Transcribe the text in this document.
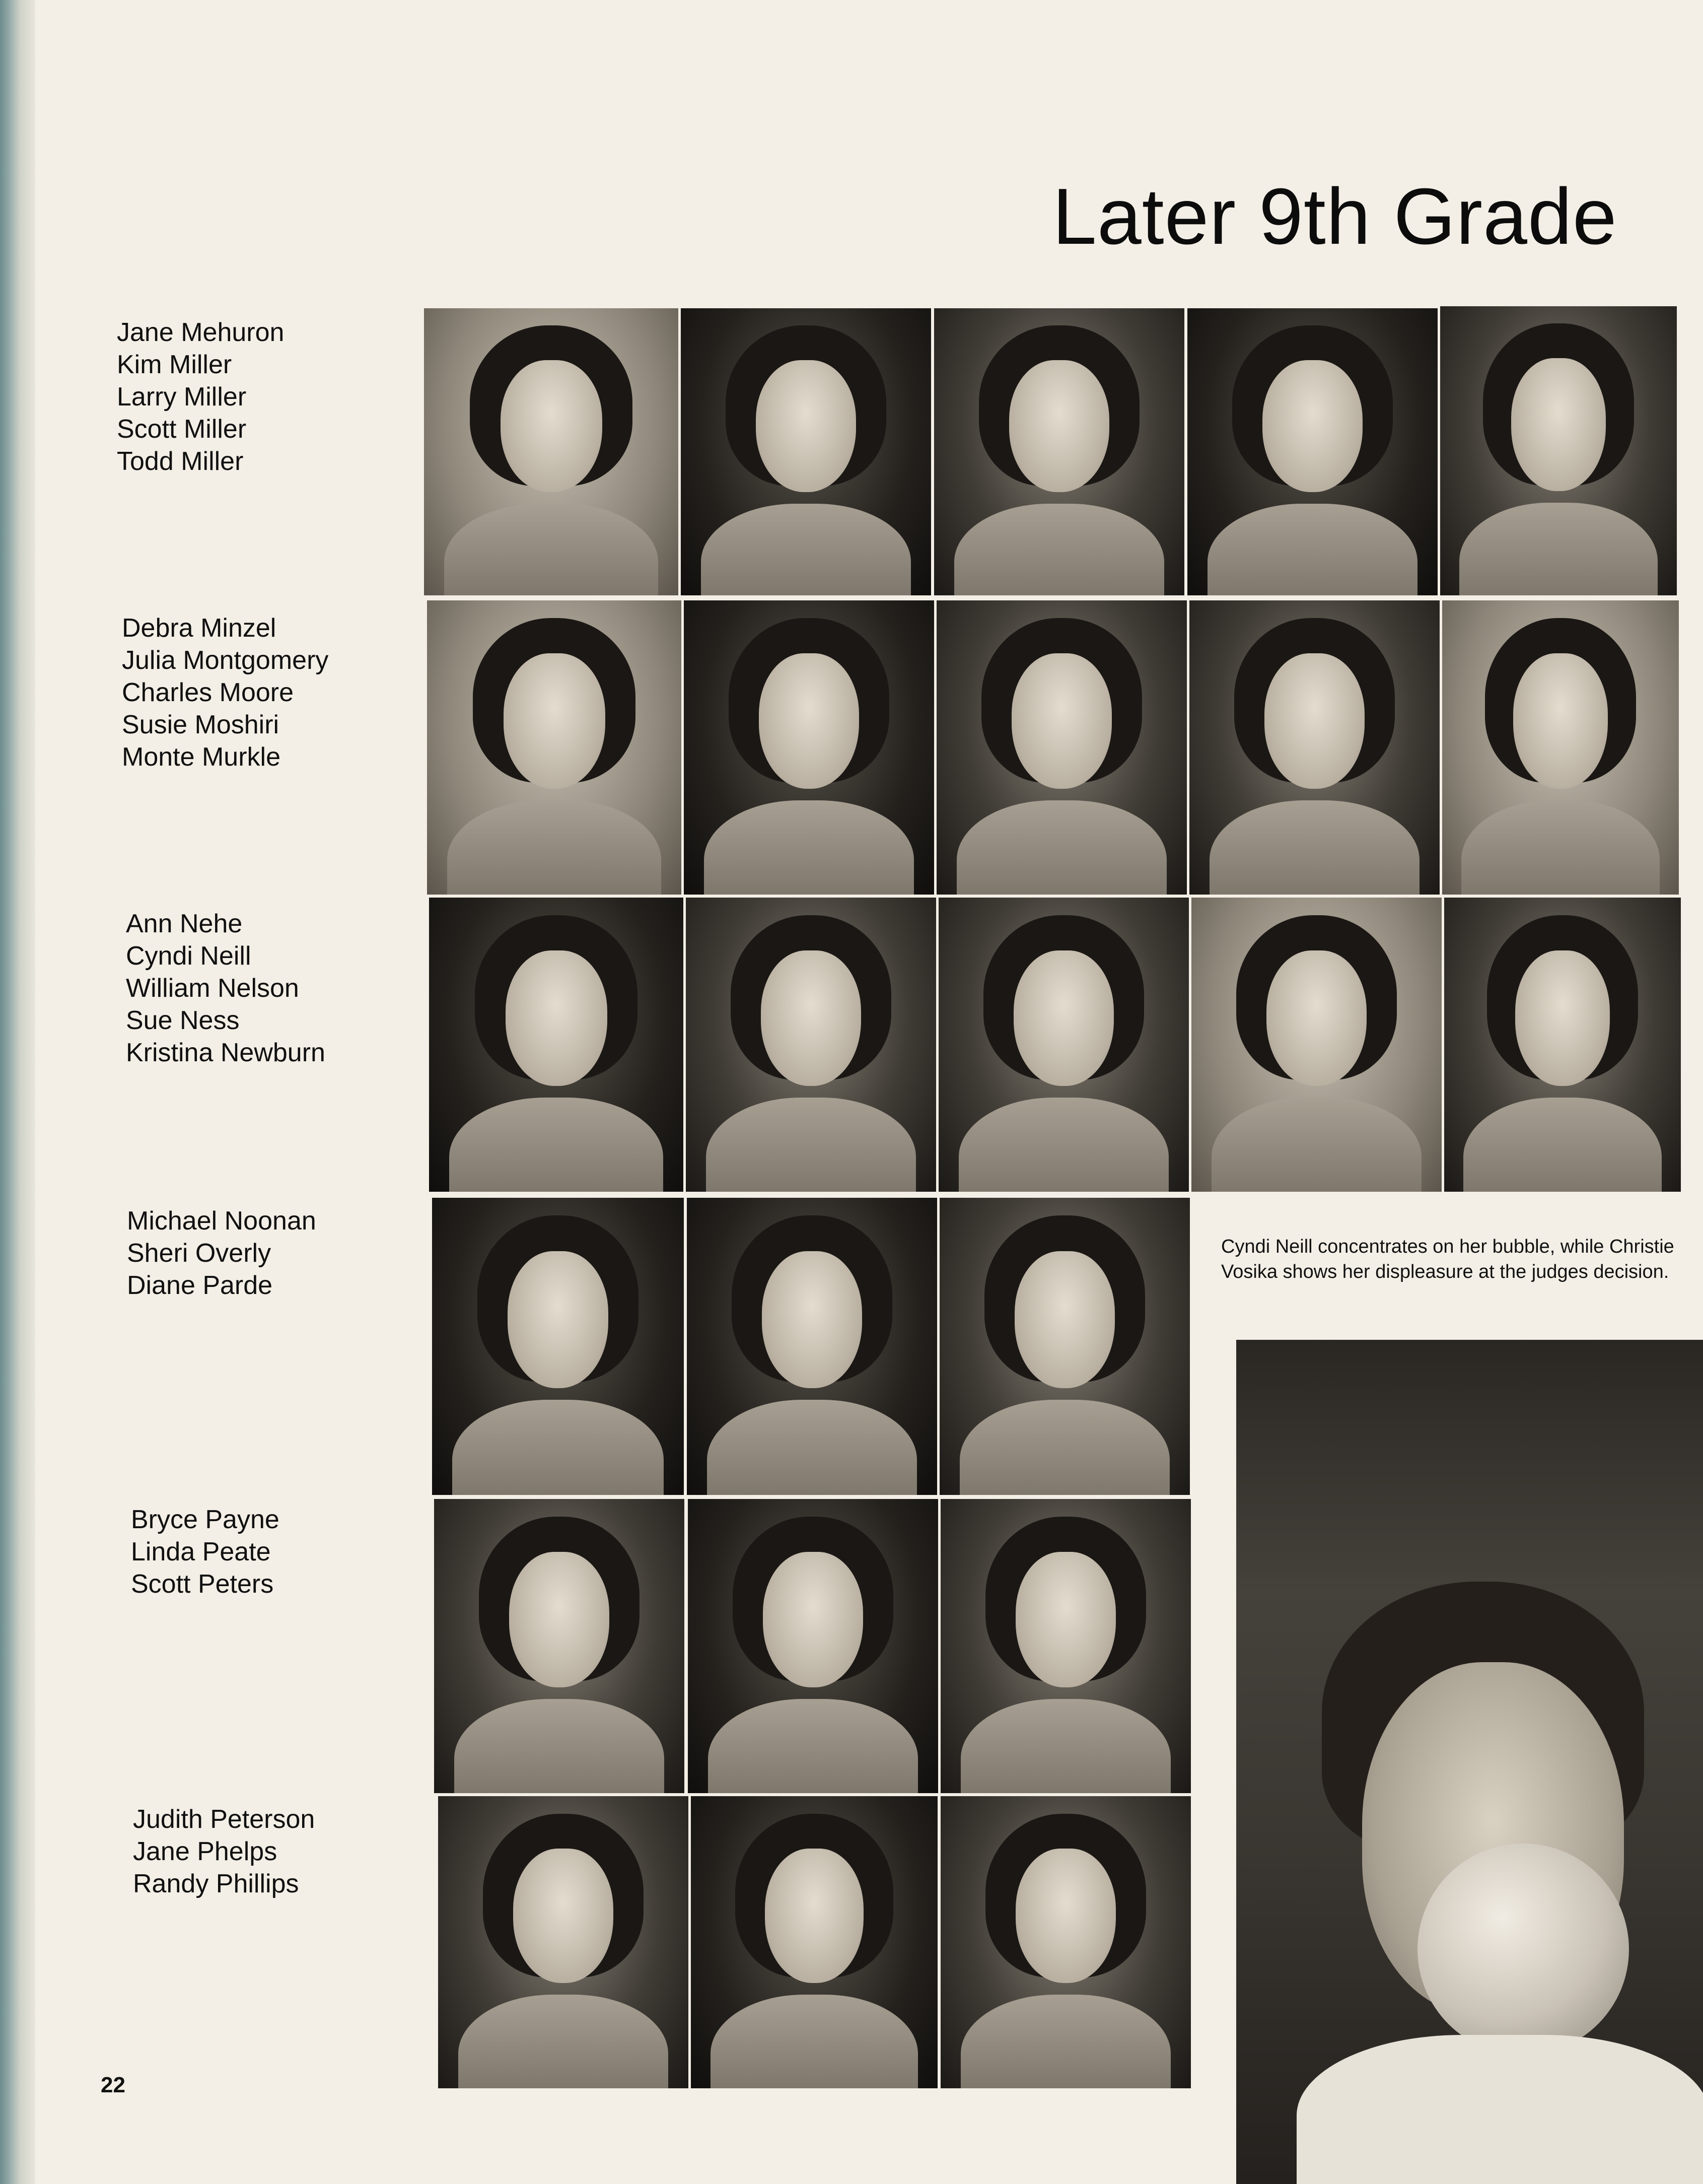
Later 9th Grade
Jane Mehuron
Kim Miller
Larry Miller
Scott Miller
Todd Miller
Debra Minzel
Julia Montgomery
Charles Moore
Susie Moshiri
Monte Murkle
Ann Nehe
Cyndi Neill
William Nelson
Sue Ness
Kristina Newburn
Michael Noonan
Sheri Overly
Diane Parde
Bryce Payne
Linda Peate
Scott Peters
Judith Peterson
Jane Phelps
Randy Phillips
Cyndi Neill concentrates on her bubble, while Christie Vosika shows her displeasure at the judges decision.
22
